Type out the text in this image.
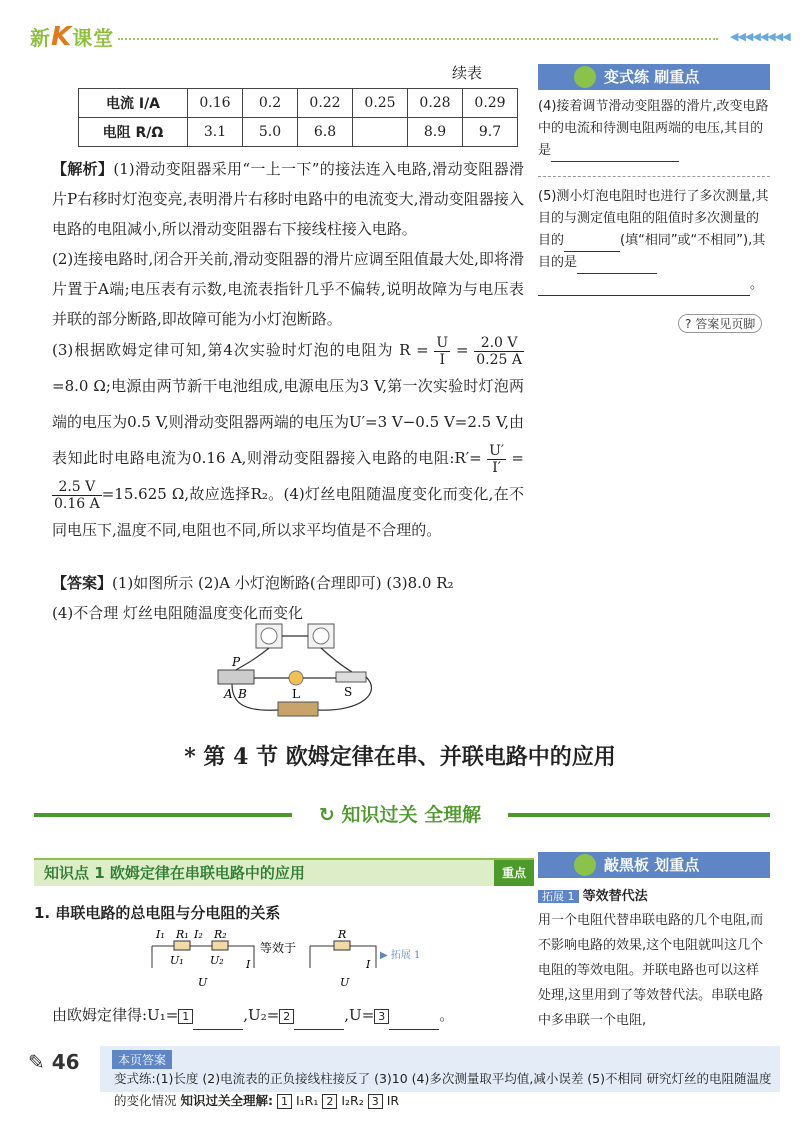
新K课堂	◀◀◀◀◀◀◀◀
续表
电流 I/A	0.16	0.2	0.22	0.25	0.28	0.29
电阻 R/Ω	3.1	5.0	6.8		8.9	9.7
【解析】(1)滑动变阻器采用“一上一下”的接法连入电路,滑动变阻器滑片P右移时灯泡变亮,表明滑片右移时电路中的电流变大,滑动变阻器接入电路的电阻减小,所以滑动变阻器右下接线柱接入电路。
(2)连接电路时,闭合开关前,滑动变阻器的滑片应调至阻值最大处,即将滑片置于A端;电压表有示数,电流表指针几乎不偏转,说明故障为与电压表并联的部分断路,即故障可能为小灯泡断路。
(3)根据欧姆定律可知,第4次实验时灯泡的电阻为 $R = \frac{U}{I} = \frac{2.0 V}{0.25 A}$
=8.0 Ω;电源由两节新干电池组成,电源电压为3 V,第一次实验时灯泡两端的电压为0.5 V,则滑动变阻器两端的电压为U′=3 V−0.5 V=2.5 V,由表知此时电路电流为0.16 A,则滑动变阻器接入电路的电阻:R′= $\frac{U'}{I'}$ =
$\frac{2.5 V}{0.16 A} =15.625$ Ω,故应选择R₂。(4)灯丝电阻随温度变化而变化,在不同电压下,温度不同,电阻也不同,所以求平均值是不合理的。
【答案】(1)如图所示 (2)A 小灯泡断路(合理即可) (3)8.0 R₂
(4)不合理 灯丝电阻随温度变化而变化
P
A B	L	S
变式练 刷重点
(4)接着调节滑动变阻器的滑片,改变电路中的电流和待测电阻两端的电压,其目的是
(5)测小灯泡电阻时也进行了多次测量,其目的与测定值电阻的阻值时多次测量的目的	(填“相同”或“不相同”),其目的是
。
? 答案见页脚
* 第 4 节 欧姆定律在串、并联电路中的应用
↻ 知识过关 全理解
知识点 1 欧姆定律在串联电路中的应用	重点
1. 串联电路的总电阻与分电阻的关系
I₁ R₁ I₂ R₂
U₁ U₂ I
U
等效于
R
I
U
▶ 拓展 1
由欧姆定律得:U₁= 1	,U₂= 2	,U= 3	。
敲黑板 划重点
拓展 1 等效替代法
用一个电阻代替串联电路的几个电阻,而不影响电路的效果,这个电阻就叫这几个电阻的等效电阻。并联电路也可以这样处理,这里用到了等效替代法。串联电路中多串联一个电阻,
✎ 46	本页答案
变式练:(1)长度 (2)电流表的正负接线柱接反了 (3)10 (4)多次测量取平均值,减小误差 (5)不相同 研究灯丝的电阻随温度的变化情况 知识过关全理解: 1 I₁R₁ 2 I₂R₂ 3 IR
